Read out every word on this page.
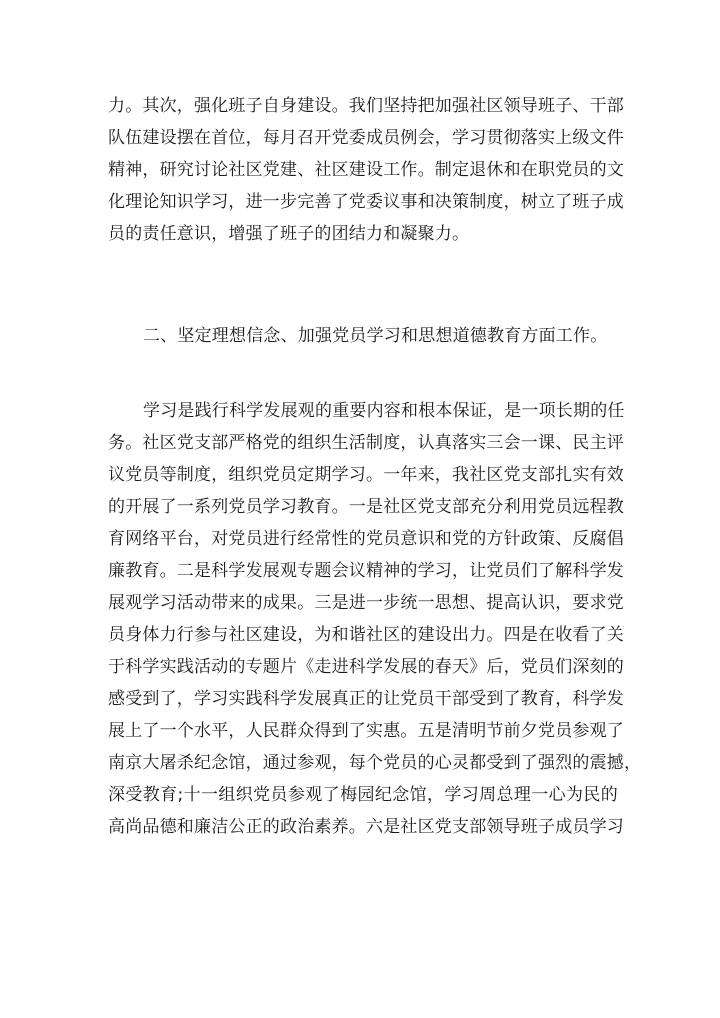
力。其次，强化班子自身建设。我们坚持把加强社区领导班子、干部
队伍建设摆在首位，每月召开党委成员例会，学习贯彻落实上级文件
精神，研究讨论社区党建、社区建设工作。制定退休和在职党员的文
化理论知识学习，进一步完善了党委议事和决策制度，树立了班子成
员的责任意识，增强了班子的团结力和凝聚力。
二、坚定理想信念、加强党员学习和思想道德教育方面工作。
学习是践行科学发展观的重要内容和根本保证，是一项长期的任
务。社区党支部严格党的组织生活制度，认真落实三会一课、民主评
议党员等制度，组织党员定期学习。一年来，我社区党支部扎实有效
的开展了一系列党员学习教育。一是社区党支部充分利用党员远程教
育网络平台，对党员进行经常性的党员意识和党的方针政策、反腐倡
廉教育。二是科学发展观专题会议精神的学习，让党员们了解科学发
展观学习活动带来的成果。三是进一步统一思想、提高认识，要求党
员身体力行参与社区建设，为和谐社区的建设出力。四是在收看了关
于科学实践活动的专题片《走进科学发展的春天》后，党员们深刻的
感受到了，学习实践科学发展真正的让党员干部受到了教育，科学发
展上了一个水平，人民群众得到了实惠。五是清明节前夕党员参观了
南京大屠杀纪念馆，通过参观，每个党员的心灵都受到了强烈的震撼，
深受教育;十一组织党员参观了梅园纪念馆，学习周总理一心为民的
高尚品德和廉洁公正的政治素养。六是社区党支部领导班子成员学习
